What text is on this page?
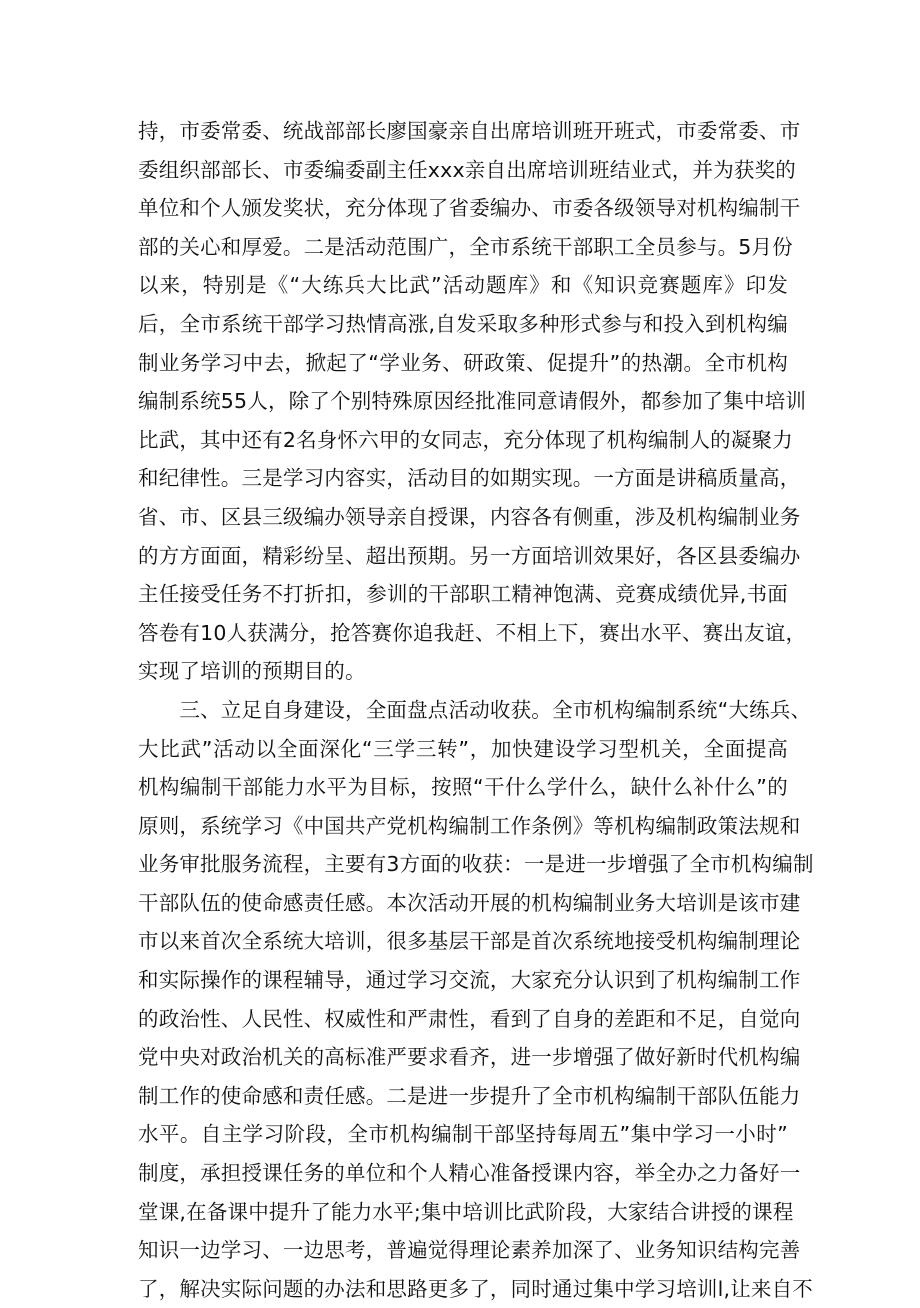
持，市委常委、统战部部长廖国豪亲自出席培训班开班式，市委常委、市
委组织部部长、市委编委副主任xxx亲自出席培训班结业式，并为获奖的
单位和个人颁发奖状，充分体现了省委编办、市委各级领导对机构编制干
部的关心和厚爱。二是活动范围广，全市系统干部职工全员参与。5月份
以来，特别是《“大练兵大比武”活动题库》和《知识竞赛题库》印发
后，全市系统干部学习热情高涨,自发采取多种形式参与和投入到机构编
制业务学习中去，掀起了“学业务、研政策、促提升”的热潮。全市机构
编制系统55人，除了个别特殊原因经批准同意请假外，都参加了集中培训
比武，其中还有2名身怀六甲的女同志，充分体现了机构编制人的凝聚力
和纪律性。三是学习内容实，活动目的如期实现。一方面是讲稿质量高，
省、市、区县三级编办领导亲自授课，内容各有侧重，涉及机构编制业务
的方方面面，精彩纷呈、超出预期。另一方面培训效果好，各区县委编办
主任接受任务不打折扣，参训的干部职工精神饱满、竞赛成绩优异,书面
答卷有10人获满分，抢答赛你追我赶、不相上下，赛出水平、赛出友谊，
实现了培训的预期目的。
　　三、立足自身建设，全面盘点活动收获。全市机构编制系统“大练兵、
大比武”活动以全面深化“三学三转”，加快建设学习型机关，全面提高
机构编制干部能力水平为目标，按照“干什么学什么，缺什么补什么”的
原则，系统学习《中国共产党机构编制工作条例》等机构编制政策法规和
业务审批服务流程，主要有3方面的收获：一是进一步增强了全市机构编制
干部队伍的使命感责任感。本次活动开展的机构编制业务大培训是该市建
市以来首次全系统大培训，很多基层干部是首次系统地接受机构编制理论
和实际操作的课程辅导，通过学习交流，大家充分认识到了机构编制工作
的政治性、人民性、权威性和严肃性，看到了自身的差距和不足，自觉向
党中央对政治机关的高标准严要求看齐，进一步增强了做好新时代机构编
制工作的使命感和责任感。二是进一步提升了全市机构编制干部队伍能力
水平。自主学习阶段，全市机构编制干部坚持每周五”集中学习一小时”
制度，承担授课任务的单位和个人精心准备授课内容，举全办之力备好一
堂课,在备课中提升了能力水平;集中培训比武阶段，大家结合讲授的课程
知识一边学习、一边思考，普遍觉得理论素养加深了、业务知识结构完善
了，解决实际问题的办法和思路更多了，同时通过集中学习培训l,让来自不
